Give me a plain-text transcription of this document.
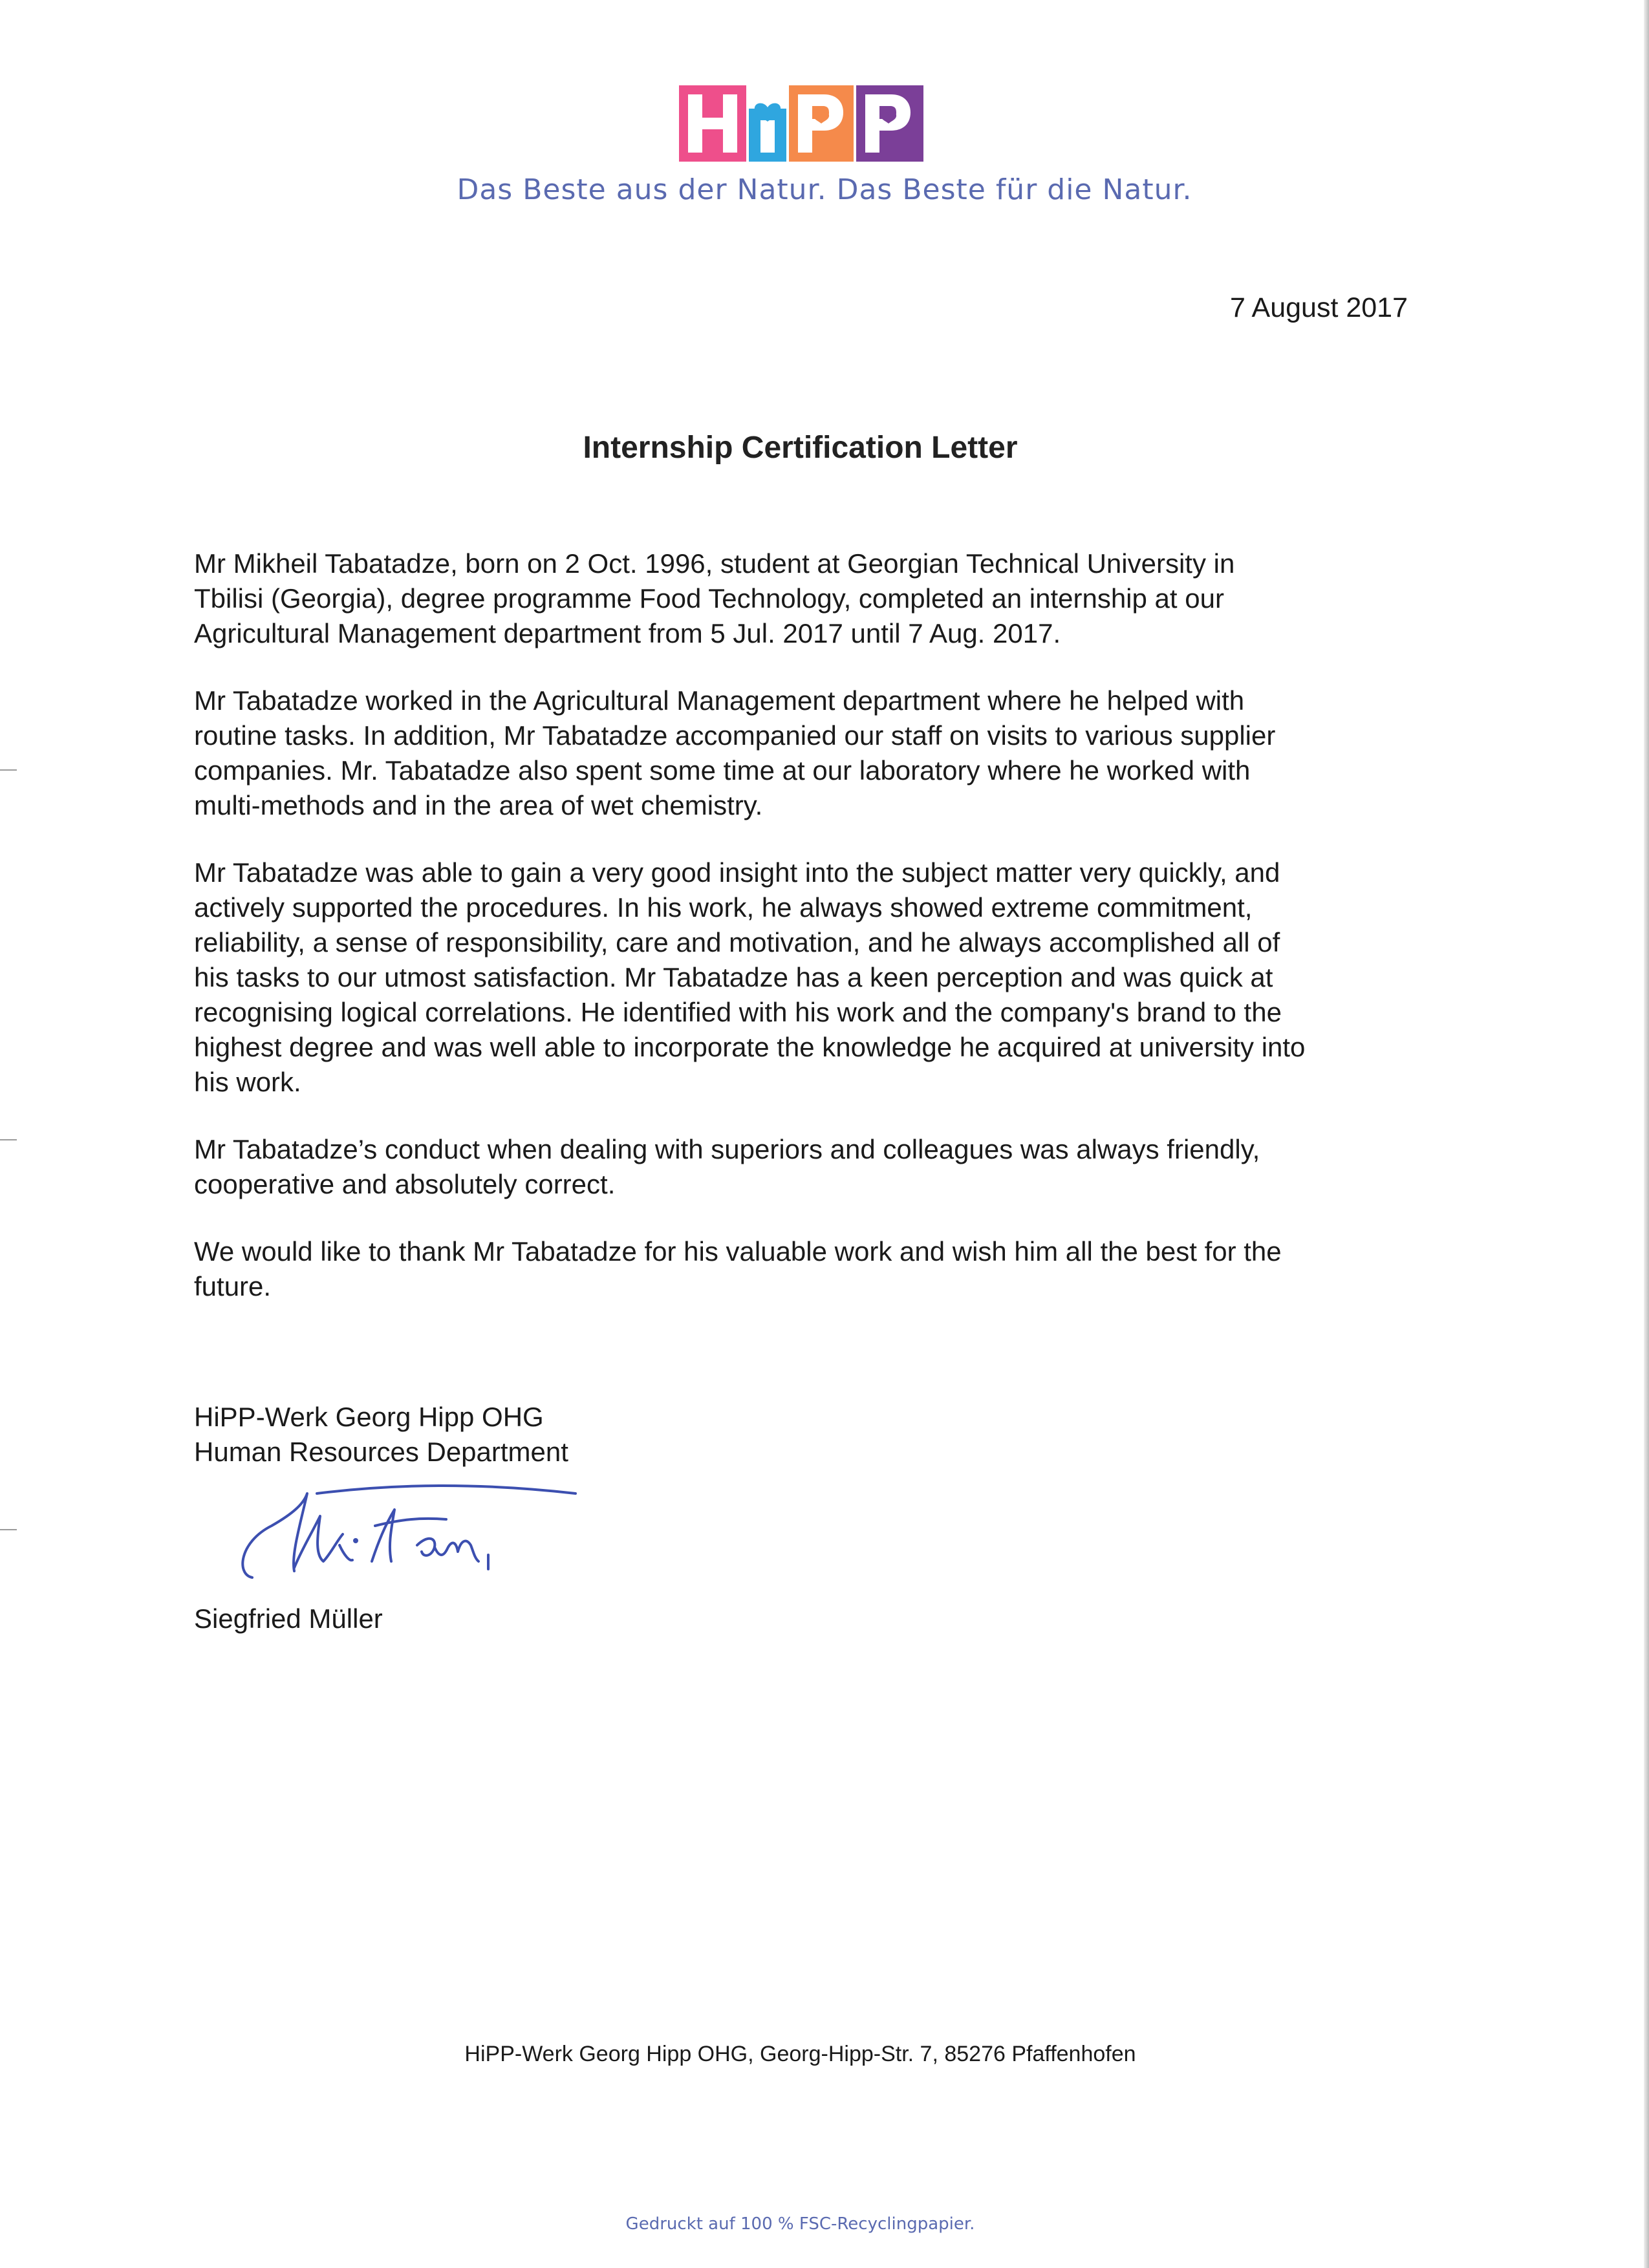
Das Beste aus der Natur. Das Beste für die Natur.
7 August 2017
Internship Certification Letter

Mr Mikheil Tabatadze, born on 2 Oct. 1996, student at Georgian Technical University in
Tbilisi (Georgia), degree programme Food Technology, completed an internship at our
Agricultural Management department from 5 Jul. 2017 until 7 Aug. 2017.

Mr Tabatadze worked in the Agricultural Management department where he helped with
routine tasks. In addition, Mr Tabatadze accompanied our staff on visits to various supplier
companies. Mr. Tabatadze also spent some time at our laboratory where he worked with
multi-methods and in the area of wet chemistry.

Mr Tabatadze was able to gain a very good insight into the subject matter very quickly, and
actively supported the procedures. In his work, he always showed extreme commitment,
reliability, a sense of responsibility, care and motivation, and he always accomplished all of
his tasks to our utmost satisfaction. Mr Tabatadze has a keen perception and was quick at
recognising logical correlations. He identified with his work and the company's brand to the
highest degree and was well able to incorporate the knowledge he acquired at university into
his work.

Mr Tabatadze’s conduct when dealing with superiors and colleagues was always friendly,
cooperative and absolutely correct.

We would like to thank Mr Tabatadze for his valuable work and wish him all the best for the
future.

HiPP-Werk Georg Hipp OHG
Human Resources Department
Siegfried Müller
HiPP-Werk Georg Hipp OHG, Georg-Hipp-Str. 7, 85276 Pfaffenhofen
Gedruckt auf 100 % FSC-Recyclingpapier.
